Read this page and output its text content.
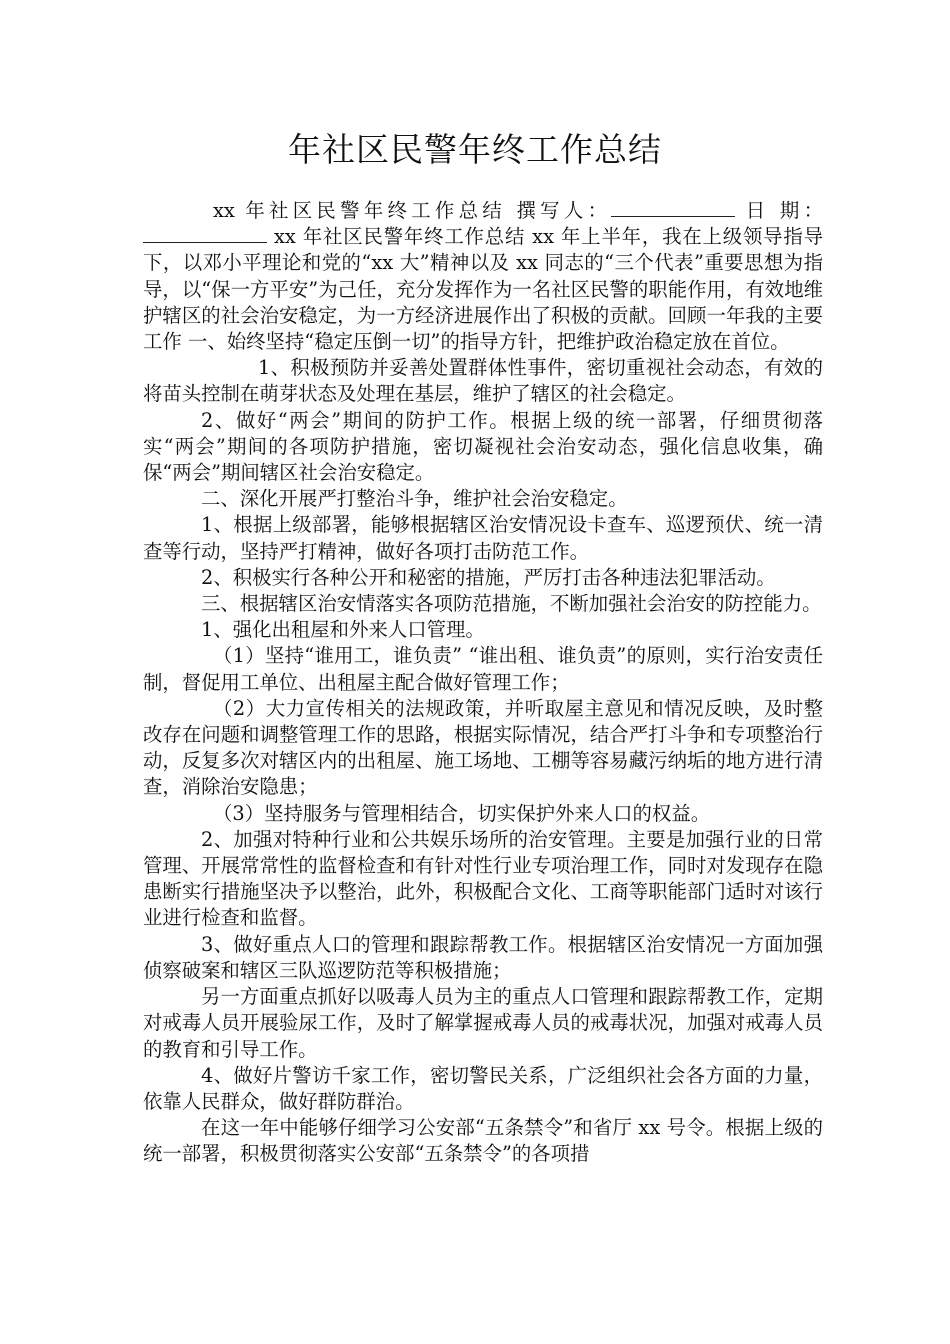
年社区民警年终工作总结

xx 年社区民警年终工作总结 撰写人：	日 期： xx 年社区民警年终工作总结 xx 年上半年，我在上级领导指导下，以邓小平理论和党的“xx 大”精神以及 xx 同志的“三个代表”重要思想为指导，以“保一方平安”为己任，充分发挥作为一名社区民警的职能作用，有效地维护辖区的社会治安稳定，为一方经济进展作出了积极的贡献。回顾一年我的主要工作 一、始终坚持“稳定压倒一切”的指导方针，把维护政治稳定放在首位。

1、积极预防并妥善处置群体性事件，密切重视社会动态，有效的将苗头控制在萌芽状态及处理在基层，维护了辖区的社会稳定。

2、做好“两会”期间的防护工作。根据上级的统一部署，仔细贯彻落实“两会”期间的各项防护措施，密切凝视社会治安动态，强化信息收集，确保“两会”期间辖区社会治安稳定。

二、深化开展严打整治斗争，维护社会治安稳定。

1、根据上级部署，能够根据辖区治安情况设卡查车、巡逻预伏、统一清查等行动，坚持严打精神，做好各项打击防范工作。

2、积极实行各种公开和秘密的措施，严厉打击各种违法犯罪活动。

三、根据辖区治安情落实各项防范措施，不断加强社会治安的防控能力。

1、强化出租屋和外来人口管理。

（1）坚持“谁用工，谁负责” “谁出租、谁负责”的原则，实行治安责任制，督促用工单位、出租屋主配合做好管理工作；

（2）大力宣传相关的法规政策，并听取屋主意见和情况反映，及时整改存在问题和调整管理工作的思路，根据实际情况，结合严打斗争和专项整治行动，反复多次对辖区内的出租屋、施工场地、工棚等容易藏污纳垢的地方进行清查，消除治安隐患；

（3）坚持服务与管理相结合，切实保护外来人口的权益。

2、加强对特种行业和公共娱乐场所的治安管理。主要是加强行业的日常管理、开展常常性的监督检查和有针对性行业专项治理工作，同时对发现存在隐患断实行措施坚决予以整治，此外，积极配合文化、工商等职能部门适时对该行业进行检查和监督。

3、做好重点人口的管理和跟踪帮教工作。根据辖区治安情况一方面加强侦察破案和辖区三队巡逻防范等积极措施；

另一方面重点抓好以吸毒人员为主的重点人口管理和跟踪帮教工作，定期对戒毒人员开展验尿工作，及时了解掌握戒毒人员的戒毒状况，加强对戒毒人员的教育和引导工作。

4、做好片警访千家工作，密切警民关系，广泛组织社会各方面的力量，依靠人民群众，做好群防群治。

在这一年中能够仔细学习公安部“五条禁令”和省厅 xx 号令。根据上级的统一部署，积极贯彻落实公安部“五条禁令”的各项措
